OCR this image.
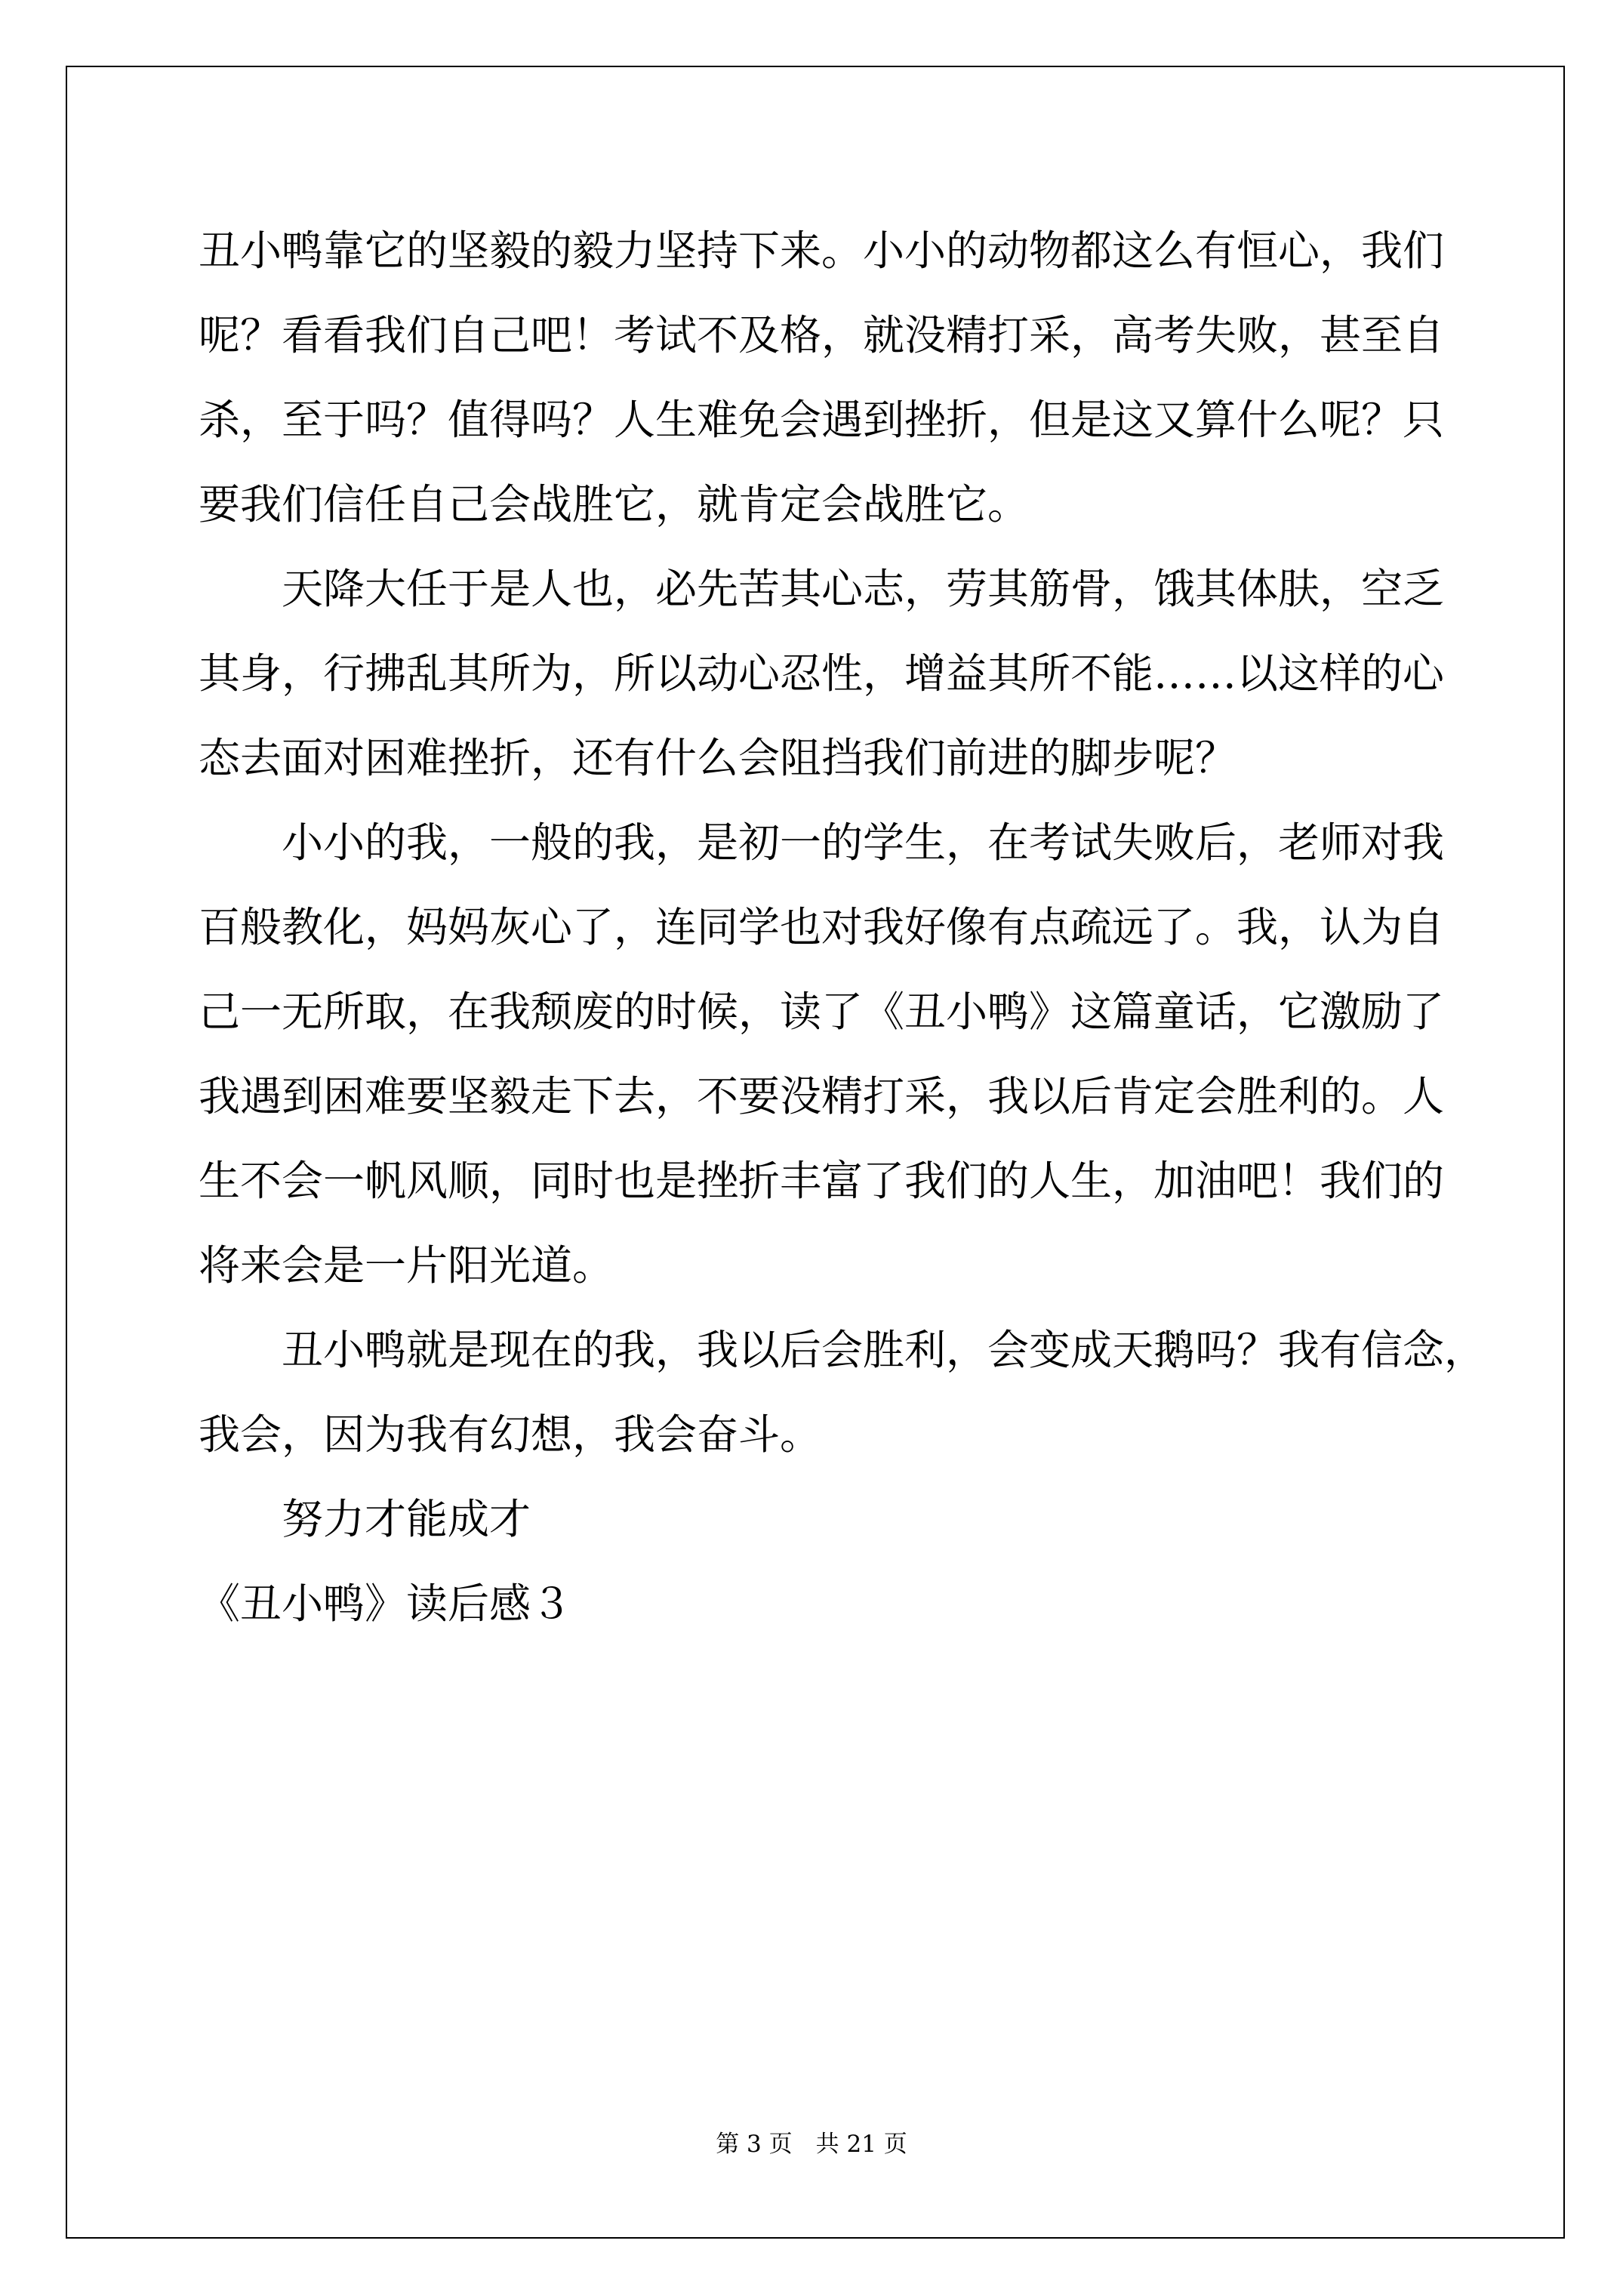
丑小鸭靠它的坚毅的毅力坚持下来。小小的动物都这么有恒心，我们
呢？看看我们自己吧！考试不及格，就没精打采，高考失败，甚至自
杀，至于吗？值得吗？人生难免会遇到挫折，但是这又算什么呢？只
要我们信任自己会战胜它，就肯定会战胜它。
　　天降大任于是人也，必先苦其心志，劳其筋骨，饿其体肤，空乏
其身，行拂乱其所为，所以动心忍性，增益其所不能……以这样的心
态去面对困难挫折，还有什么会阻挡我们前进的脚步呢？
　　小小的我，一般的我，是初一的学生，在考试失败后，老师对我
百般教化，妈妈灰心了，连同学也对我好像有点疏远了。我，认为自
己一无所取，在我颓废的时候，读了《丑小鸭》这篇童话，它激励了
我遇到困难要坚毅走下去，不要没精打采，我以后肯定会胜利的。人
生不会一帆风顺，同时也是挫折丰富了我们的人生，加油吧！我们的
将来会是一片阳光道。
　　丑小鸭就是现在的我，我以后会胜利，会变成天鹅吗？我有信念，
我会，因为我有幻想，我会奋斗。
　　努力才能成才
《丑小鸭》读后感３
第 3 页　共 21 页
